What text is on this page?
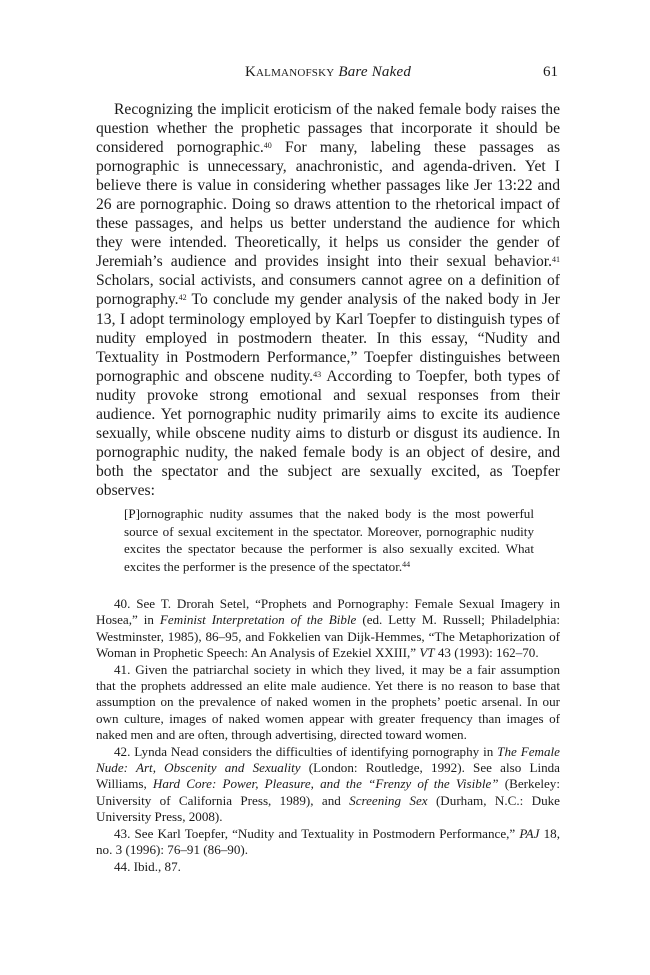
Kalmanofsky Bare Naked	61

Recognizing the implicit eroticism of the naked female body raises the question whether the prophetic passages that incorporate it should be considered pornographic.$^{40}$ For many, labeling these passages as pornographic is unnecessary, anachronistic, and agenda-driven. Yet I believe there is value in considering whether passages like Jer 13:22 and 26 are pornographic. Doing so draws attention to the rhetorical impact of these passages, and helps us better understand the audience for which they were intended. Theoretically, it helps us consider the gender of Jeremiah’s audience and provides insight into their sexual behavior.$^{41}$ Scholars, social activists, and consumers cannot agree on a definition of pornography.$^{42}$ To conclude my gender analysis of the naked body in Jer 13, I adopt terminology employed by Karl Toepfer to distinguish types of nudity employed in postmodern theater. In this essay, “Nudity and Textuality in Postmodern Performance,” Toepfer distinguishes between pornographic and obscene nudity.$^{43}$ According to Toepfer, both types of nudity provoke strong emotional and sexual responses from their audience. Yet pornographic nudity primarily aims to excite its audience sexually, while obscene nudity aims to disturb or disgust its audience. In pornographic nudity, the naked female body is an object of desire, and both the spectator and the subject are sexually excited, as Toepfer observes:

[P]ornographic nudity assumes that the naked body is the most powerful source of sexual excitement in the spectator. Moreover, pornographic nudity excites the spectator because the performer is also sexually excited. What excites the performer is the presence of the spectator.$^{44}$

40. See T. Drorah Setel, “Prophets and Pornography: Female Sexual Imagery in Hosea,” in Feminist Interpretation of the Bible (ed. Letty M. Russell; Philadelphia: Westminster, 1985), 86–95, and Fokkelien van Dijk-Hemmes, “The Metaphorization of Woman in Prophetic Speech: An Analysis of Ezekiel XXIII,” VT 43 (1993): 162–70.

41. Given the patriarchal society in which they lived, it may be a fair assumption that the prophets addressed an elite male audience. Yet there is no reason to base that assumption on the prevalence of naked women in the prophets’ poetic arsenal. In our own culture, images of naked women appear with greater frequency than images of naked men and are often, through advertising, directed toward women.

42. Lynda Nead considers the difficulties of identifying pornography in The Female Nude: Art, Obscenity and Sexuality (London: Routledge, 1992). See also Linda Williams, Hard Core: Power, Pleasure, and the “Frenzy of the Visible” (Berkeley: University of California Press, 1989), and Screening Sex (Durham, N.C.: Duke University Press, 2008).

43. See Karl Toepfer, “Nudity and Textuality in Postmodern Performance,” PAJ 18, no. 3 (1996): 76–91 (86–90).

44. Ibid., 87.
